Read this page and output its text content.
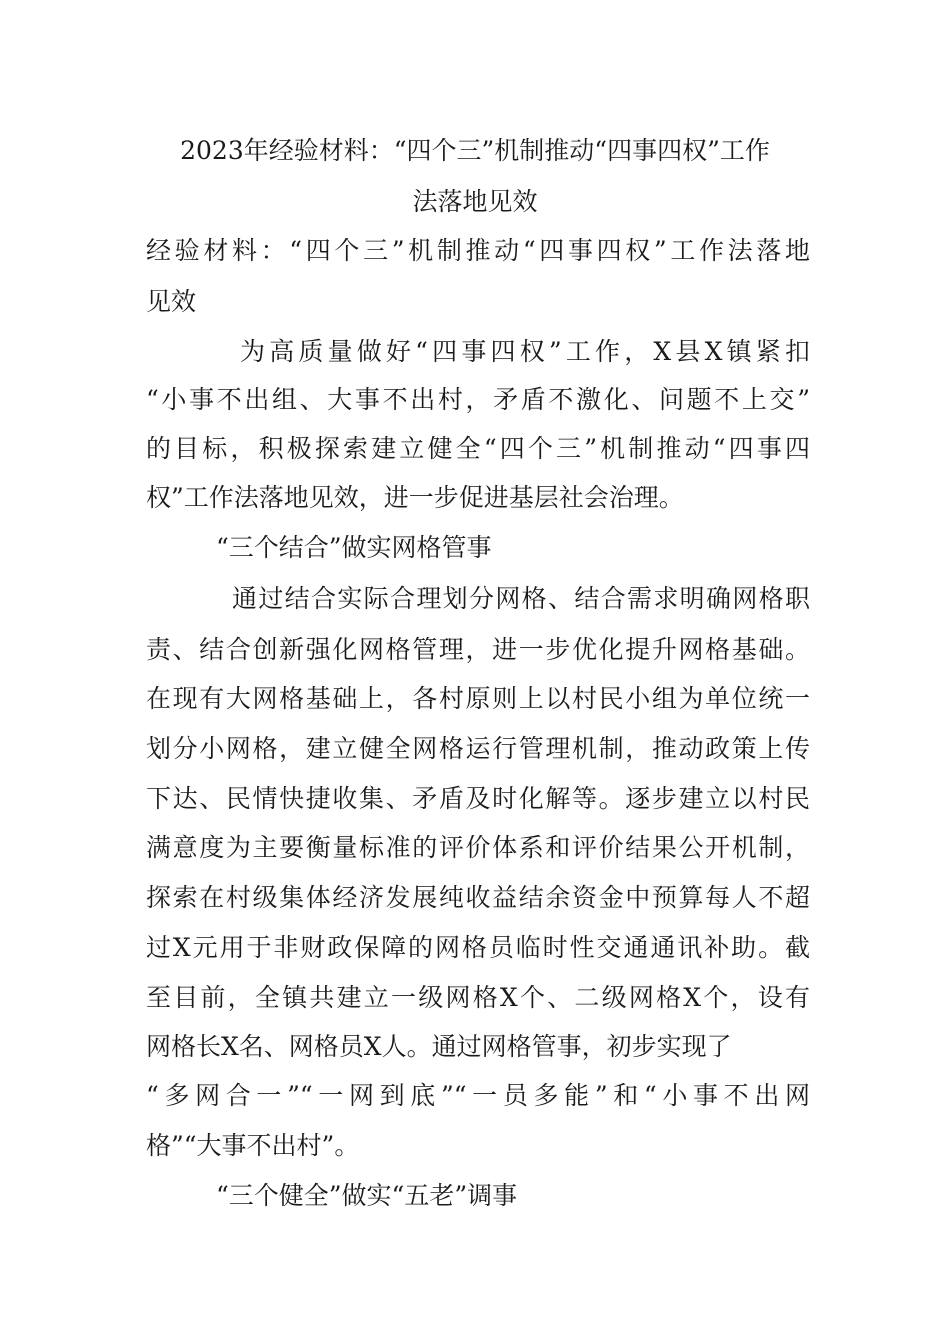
2023年经验材料：“四个三”机制推动“四事四权”工作
法落地见效
经验材料：“四个三”机制推动“四事四权”工作法落地
见效
为高质量做好“四事四权”工作，X县X镇紧扣
“小事不出组、大事不出村，矛盾不激化、问题不上交”
的目标，积极探索建立健全“四个三”机制推动“四事四
权”工作法落地见效，进一步促进基层社会治理。
“三个结合”做实网格管事
通过结合实际合理划分网格、结合需求明确网格职
责、结合创新强化网格管理，进一步优化提升网格基础。
在现有大网格基础上，各村原则上以村民小组为单位统一
划分小网格，建立健全网格运行管理机制，推动政策上传
下达、民情快捷收集、矛盾及时化解等。逐步建立以村民
满意度为主要衡量标准的评价体系和评价结果公开机制，
探索在村级集体经济发展纯收益结余资金中预算每人不超
过X元用于非财政保障的网格员临时性交通通讯补助。截
至目前，全镇共建立一级网格X个、二级网格X个，设有
网格长X名、网格员X人。通过网格管事，初步实现了
“多网合一”“一网到底”“一员多能”和“小事不出网
格”“大事不出村”。
“三个健全”做实“五老”调事
